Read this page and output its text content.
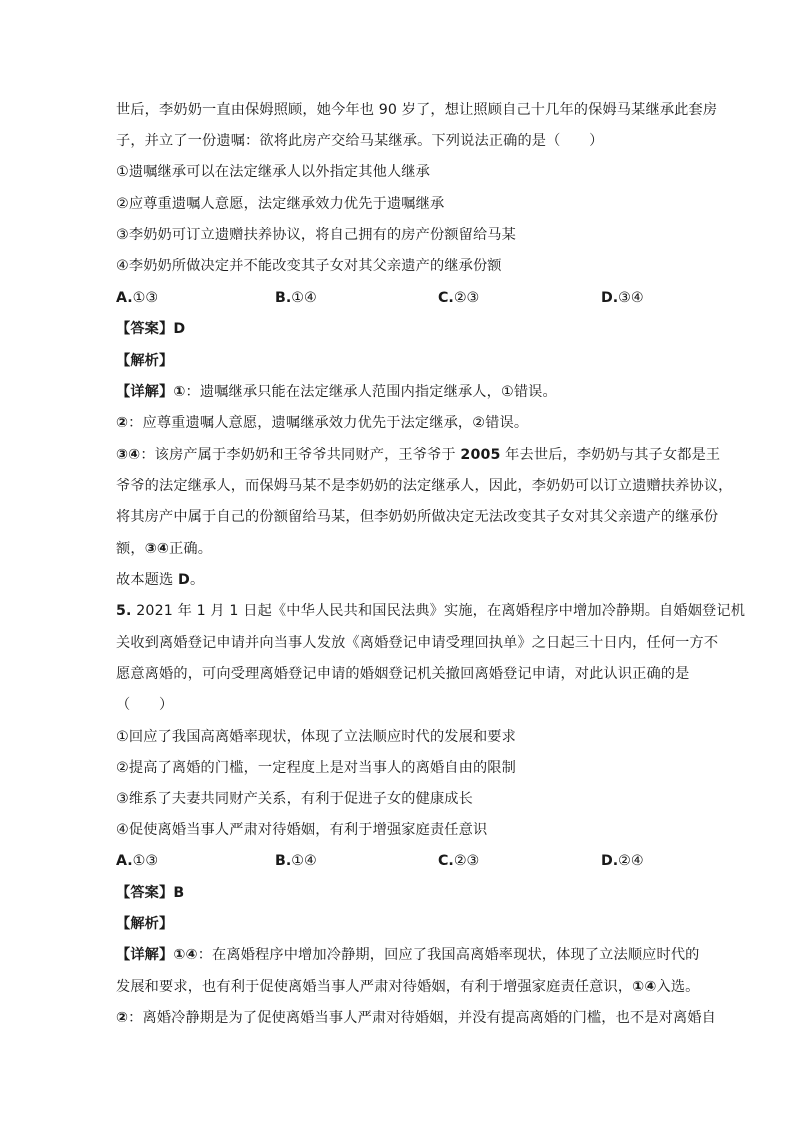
世后，李奶奶一直由保姆照顾，她今年也 90 岁了，想让照顾自己十几年的保姆马某继承此套房
子，并立了一份遗嘱：欲将此房产交给马某继承。下列说法正确的是（　　）
①遗嘱继承可以在法定继承人以外指定其他人继承
②应尊重遗嘱人意愿，法定继承效力优先于遗嘱继承
③李奶奶可订立遗赠扶养协议，将自己拥有的房产份额留给马某
④李奶奶所做决定并不能改变其子女对其父亲遗产的继承份额
A.①③	B.①④	C.②③	D.③④
【答案】D
【解析】
【详解】①：遗嘱继承只能在法定继承人范围内指定继承人，①错误。
②：应尊重遗嘱人意愿，遗嘱继承效力优先于法定继承，②错误。
③④：该房产属于李奶奶和王爷爷共同财产，王爷爷于 2005 年去世后，李奶奶与其子女都是王
爷爷的法定继承人，而保姆马某不是李奶奶的法定继承人，因此，李奶奶可以订立遗赠扶养协议，
将其房产中属于自己的份额留给马某，但李奶奶所做决定无法改变其子女对其父亲遗产的继承份
额，③④正确。
故本题选 D。
5. 2021 年 1 月 1 日起《中华人民共和国民法典》实施，在离婚程序中增加冷静期。自婚姻登记机
关收到离婚登记申请并向当事人发放《离婚登记申请受理回执单》之日起三十日内，任何一方不
愿意离婚的，可向受理离婚登记申请的婚姻登记机关撤回离婚登记申请，对此认识正确的是
（　　）
①回应了我国高离婚率现状，体现了立法顺应时代的发展和要求
②提高了离婚的门槛，一定程度上是对当事人的离婚自由的限制
③维系了夫妻共同财产关系，有利于促进子女的健康成长
④促使离婚当事人严肃对待婚姻，有利于增强家庭责任意识
A.①③	B.①④	C.②③	D.②④
【答案】B
【解析】
【详解】①④：在离婚程序中增加冷静期，回应了我国高离婚率现状，体现了立法顺应时代的
发展和要求，也有利于促使离婚当事人严肃对待婚姻，有利于增强家庭责任意识，①④入选。
②：离婚冷静期是为了促使离婚当事人严肃对待婚姻，并没有提高离婚的门槛，也不是对离婚自
